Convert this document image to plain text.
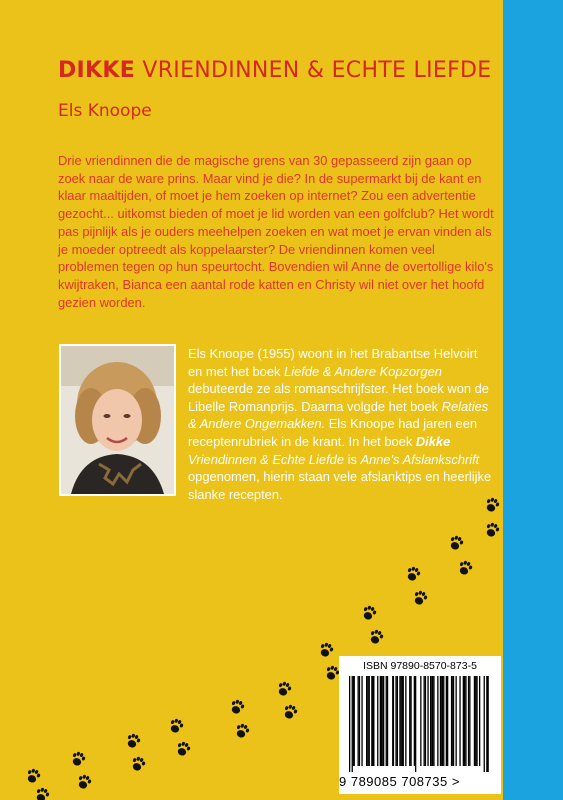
DIKKE VRIENDINNEN & ECHTE LIEFDE
Els Knoope

Drie vriendinnen die de magische grens van 30 gepasseerd zijn gaan op zoek naar de ware prins. Maar vind je die? In de supermarkt bij de kant en klaar maaltijden, of moet je hem zoeken op internet? Zou een advertentie gezocht... uitkomst bieden of moet je lid worden van een golfclub? Het wordt pas pijnlijk als je ouders meehelpen zoeken en wat moet je ervan vinden als je moeder optreedt als koppelaarster? De vriendinnen komen veel problemen tegen op hun speurtocht. Bovendien wil Anne de overtollige kilo's kwijtraken, Bianca een aantal rode katten en Christy wil niet over het hoofd gezien worden.

Els Knoope (1955) woont in het Brabantse Helvoirt en met het boek Liefde & Andere Kopzorgen debuteerde ze als romanschrijfster. Het boek won de Libelle Romanprijs. Daarna volgde het boek Relaties & Andere Ongemakken. Els Knoope had jaren een receptenrubriek in de krant. In het boek Dikke Vriendinnen & Echte Liefde is Anne's Afslankschrift opgenomen, hierin staan vele afslanktips en heerlijke slanke recepten.

ISBN 97890-8570-873-5
9 789085 708735 >
